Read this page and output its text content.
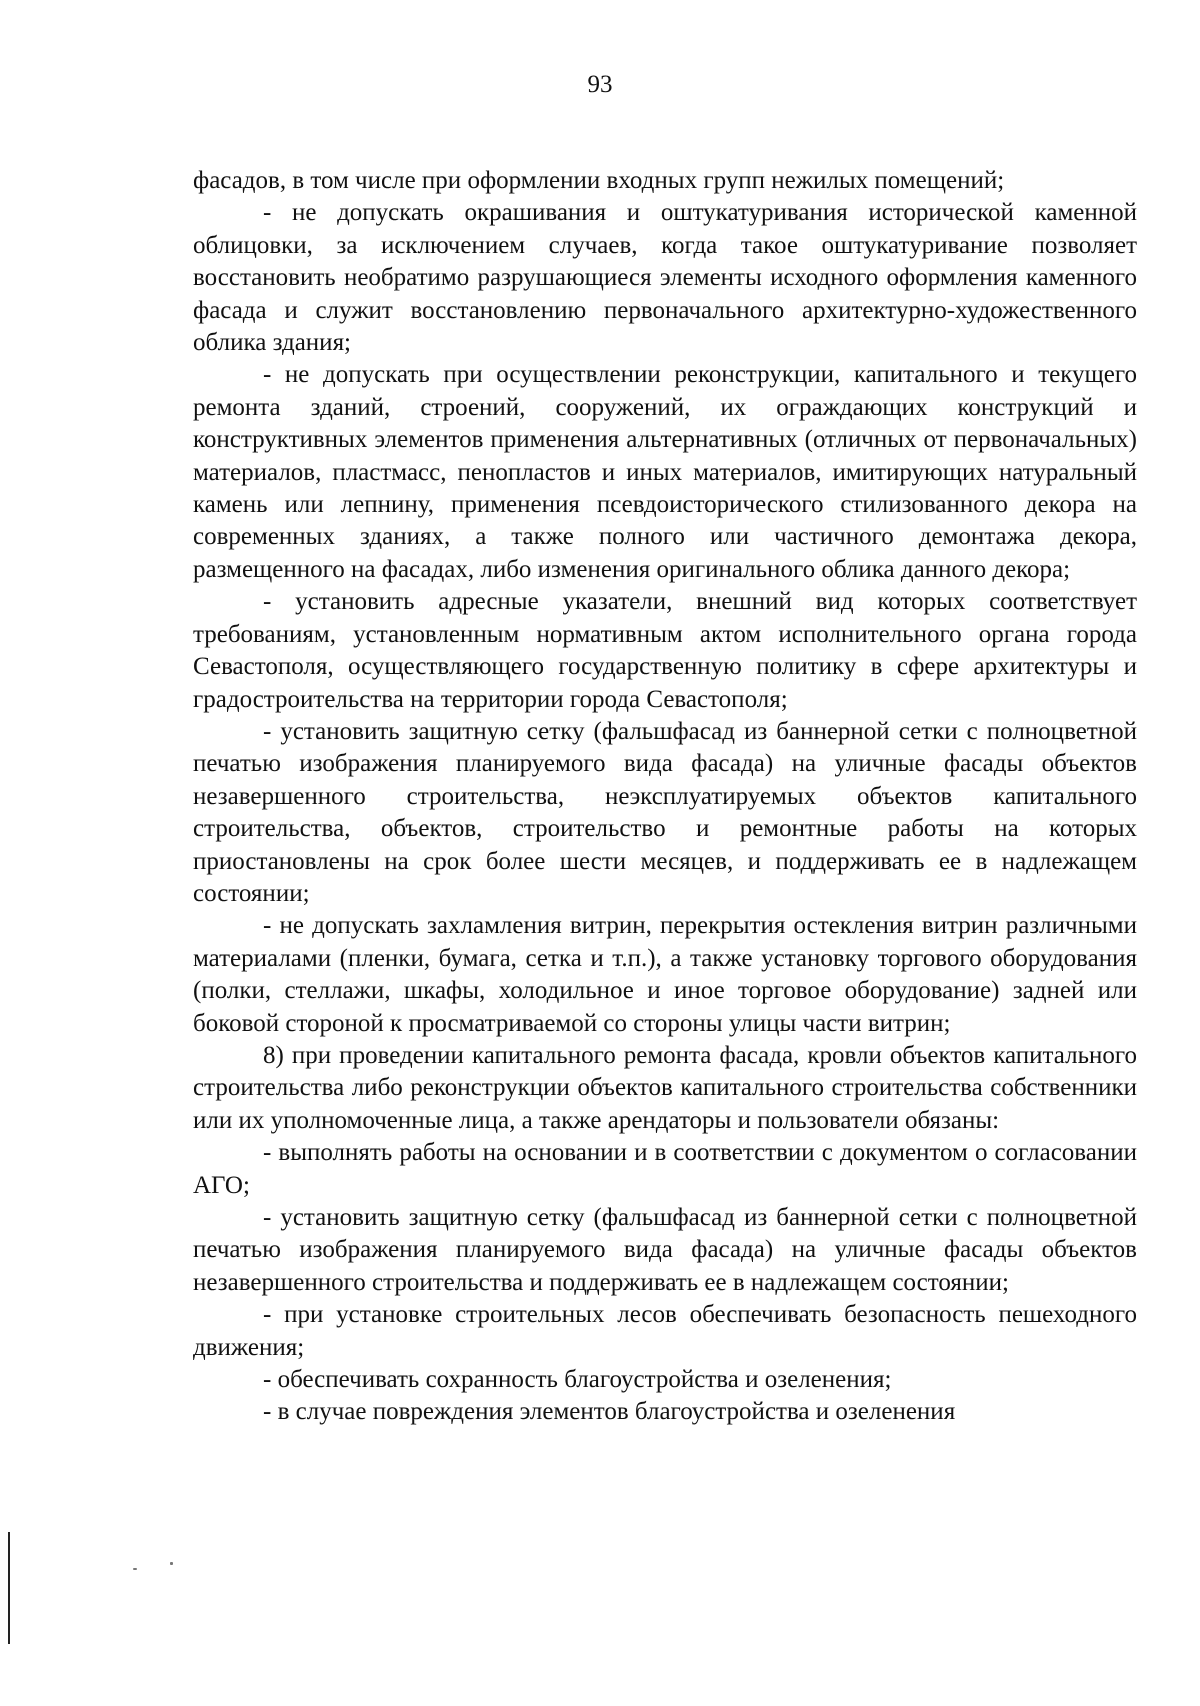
93

фасадов, в том числе при оформлении входных групп нежилых помещений;

- не допускать окрашивания и оштукатуривания исторической каменной облицовки, за исключением случаев, когда такое оштукатуривание позволяет восстановить необратимо разрушающиеся элементы исходного оформления каменного фасада и служит восстановлению первоначального архитектурно-художественного облика здания;

- не допускать при осуществлении реконструкции, капитального и текущего ремонта зданий, строений, сооружений, их ограждающих конструкций и конструктивных элементов применения альтернативных (отличных от первоначальных) материалов, пластмасс, пенопластов и иных материалов, имитирующих натуральный камень или лепнину, применения псевдоисторического стилизованного декора на современных зданиях, а также полного или частичного демонтажа декора, размещенного на фасадах, либо изменения оригинального облика данного декора;

- установить адресные указатели, внешний вид которых соответствует требованиям, установленным нормативным актом исполнительного органа города Севастополя, осуществляющего государственную политику в сфере архитектуры и градостроительства на территории города Севастополя;

- установить защитную сетку (фальшфасад из баннерной сетки с полноцветной печатью изображения планируемого вида фасада) на уличные фасады объектов незавершенного строительства, неэксплуатируемых объектов капитального строительства, объектов, строительство и ремонтные работы на которых приостановлены на срок более шести месяцев, и поддерживать ее в надлежащем состоянии;

- не допускать захламления витрин, перекрытия остекления витрин различными материалами (пленки, бумага, сетка и т.п.), а также установку торгового оборудования (полки, стеллажи, шкафы, холодильное и иное торговое оборудование) задней или боковой стороной к просматриваемой со стороны улицы части витрин;

8) при проведении капитального ремонта фасада, кровли объектов капитального строительства либо реконструкции объектов капитального строительства собственники или их уполномоченные лица, а также арендаторы и пользователи обязаны:

- выполнять работы на основании и в соответствии с документом о согласовании АГО;

- установить защитную сетку (фальшфасад из баннерной сетки с полноцветной печатью изображения планируемого вида фасада) на уличные фасады объектов незавершенного строительства и поддерживать ее в надлежащем состоянии;

- при установке строительных лесов обеспечивать безопасность пешеходного движения;

- обеспечивать сохранность благоустройства и озеленения;

- в случае повреждения элементов благоустройства и озеленения
